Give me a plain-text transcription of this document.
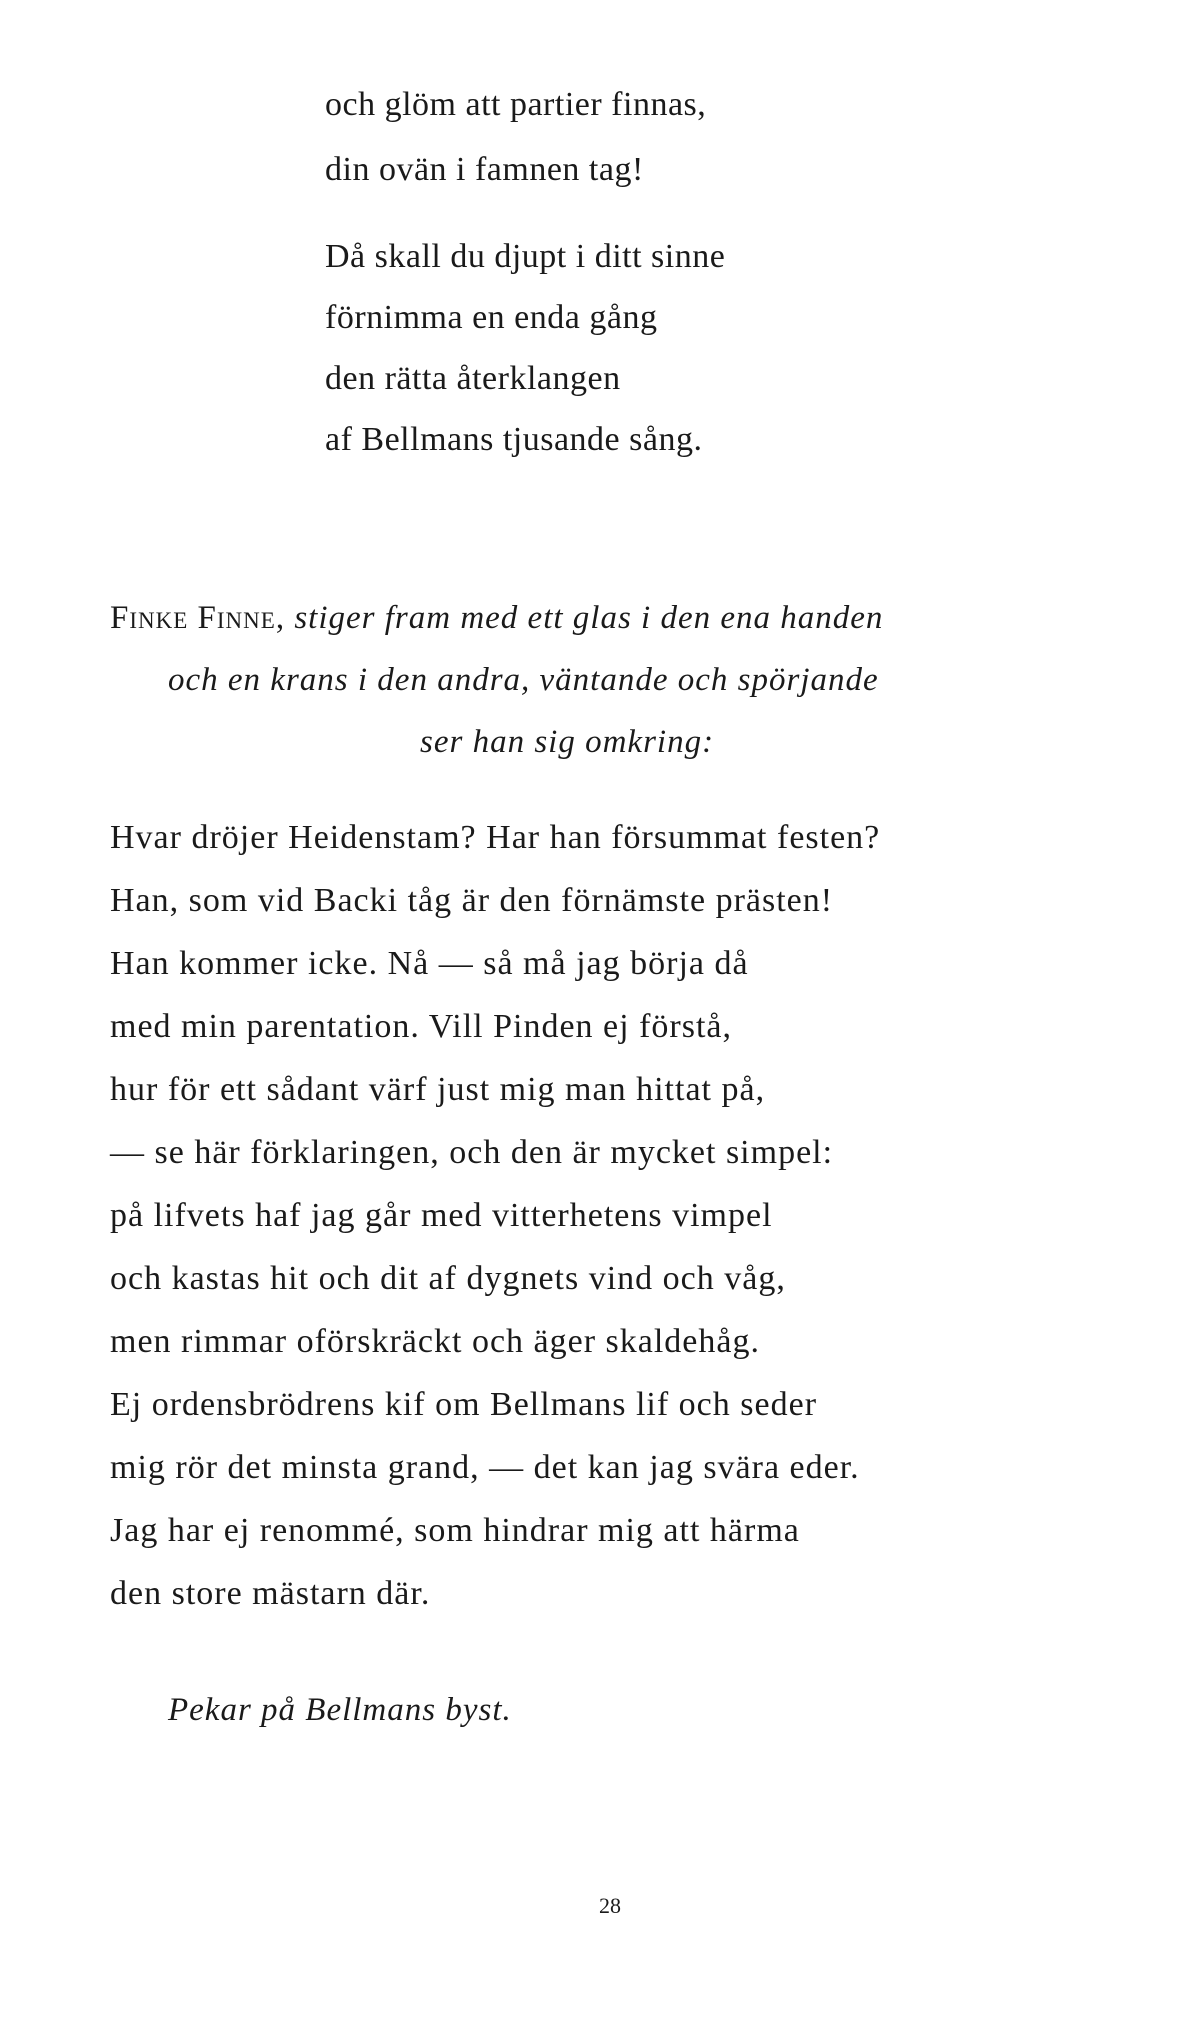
och glöm att partier finnas,
din ovän i famnen tag!
Då skall du djupt i ditt sinne
förnimma en enda gång
den rätta återklangen
af Bellmans tjusande sång.
Finke Finne, stiger fram med ett glas i den ena handen
och en krans i den andra, väntande och spörjande
ser han sig omkring:
Hvar dröjer Heidenstam? Har han försummat festen?
Han, som vid Backi tåg är den förnämste prästen!
Han kommer icke. Nå — så må jag börja då
med min parentation. Vill Pinden ej förstå,
hur för ett sådant värf just mig man hittat på,
— se här förklaringen, och den är mycket simpel:
på lifvets haf jag går med vitterhetens vimpel
och kastas hit och dit af dygnets vind och våg,
men rimmar oförskräckt och äger skaldehåg.
Ej ordensbrödrens kif om Bellmans lif och seder
mig rör det minsta grand, — det kan jag svära eder.
Jag har ej renommé, som hindrar mig att härma
den store mästarn där.
Pekar på Bellmans byst.
28
